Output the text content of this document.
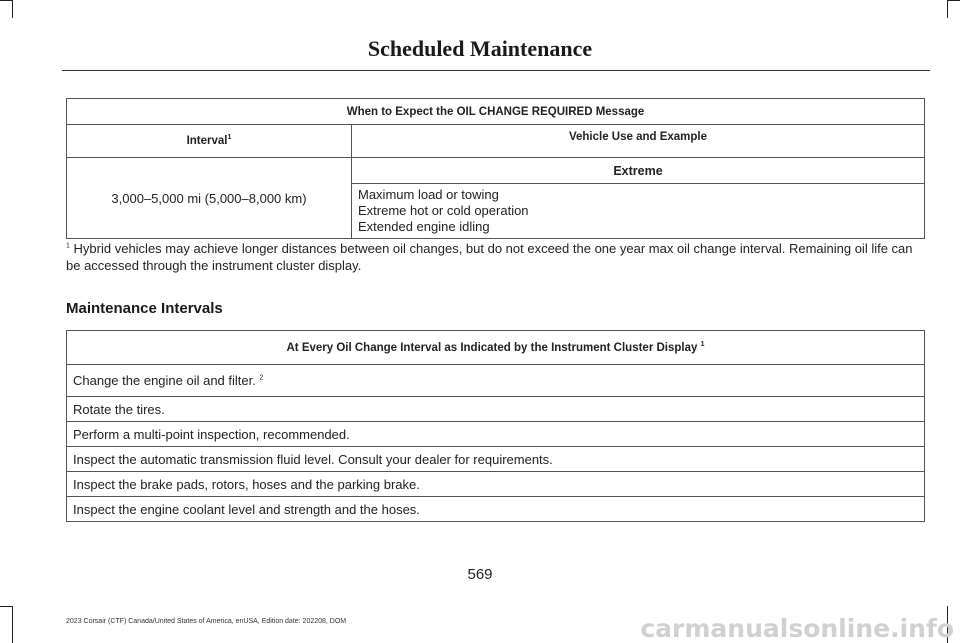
Scheduled Maintenance
When to Expect the OIL CHANGE REQUIRED Message	
Interval$^1$	Vehicle Use and Example
3,000–5,000 mi (5,000–8,000 km)	Extreme

	Maximum load or towing
Extreme hot or cold operation
Extended engine idling
$^1$ Hybrid vehicles may achieve longer distances between oil changes, but do not exceed the one year max oil change interval. Remaining oil life can be accessed through the instrument cluster display.
Maintenance Intervals
At Every Oil Change Interval as Indicated by the Instrument Cluster Display $^1$
Change the engine oil and filter. $^2$
Rotate the tires.
Perform a multi-point inspection, recommended.
Inspect the automatic transmission fluid level. Consult your dealer for requirements.
Inspect the brake pads, rotors, hoses and the parking brake.
Inspect the engine coolant level and strength and the hoses.
569
2023 Corsair (CTF) Canada/United States of America, enUSA, Edition date: 202208, DOM	carmanualsonline.info
